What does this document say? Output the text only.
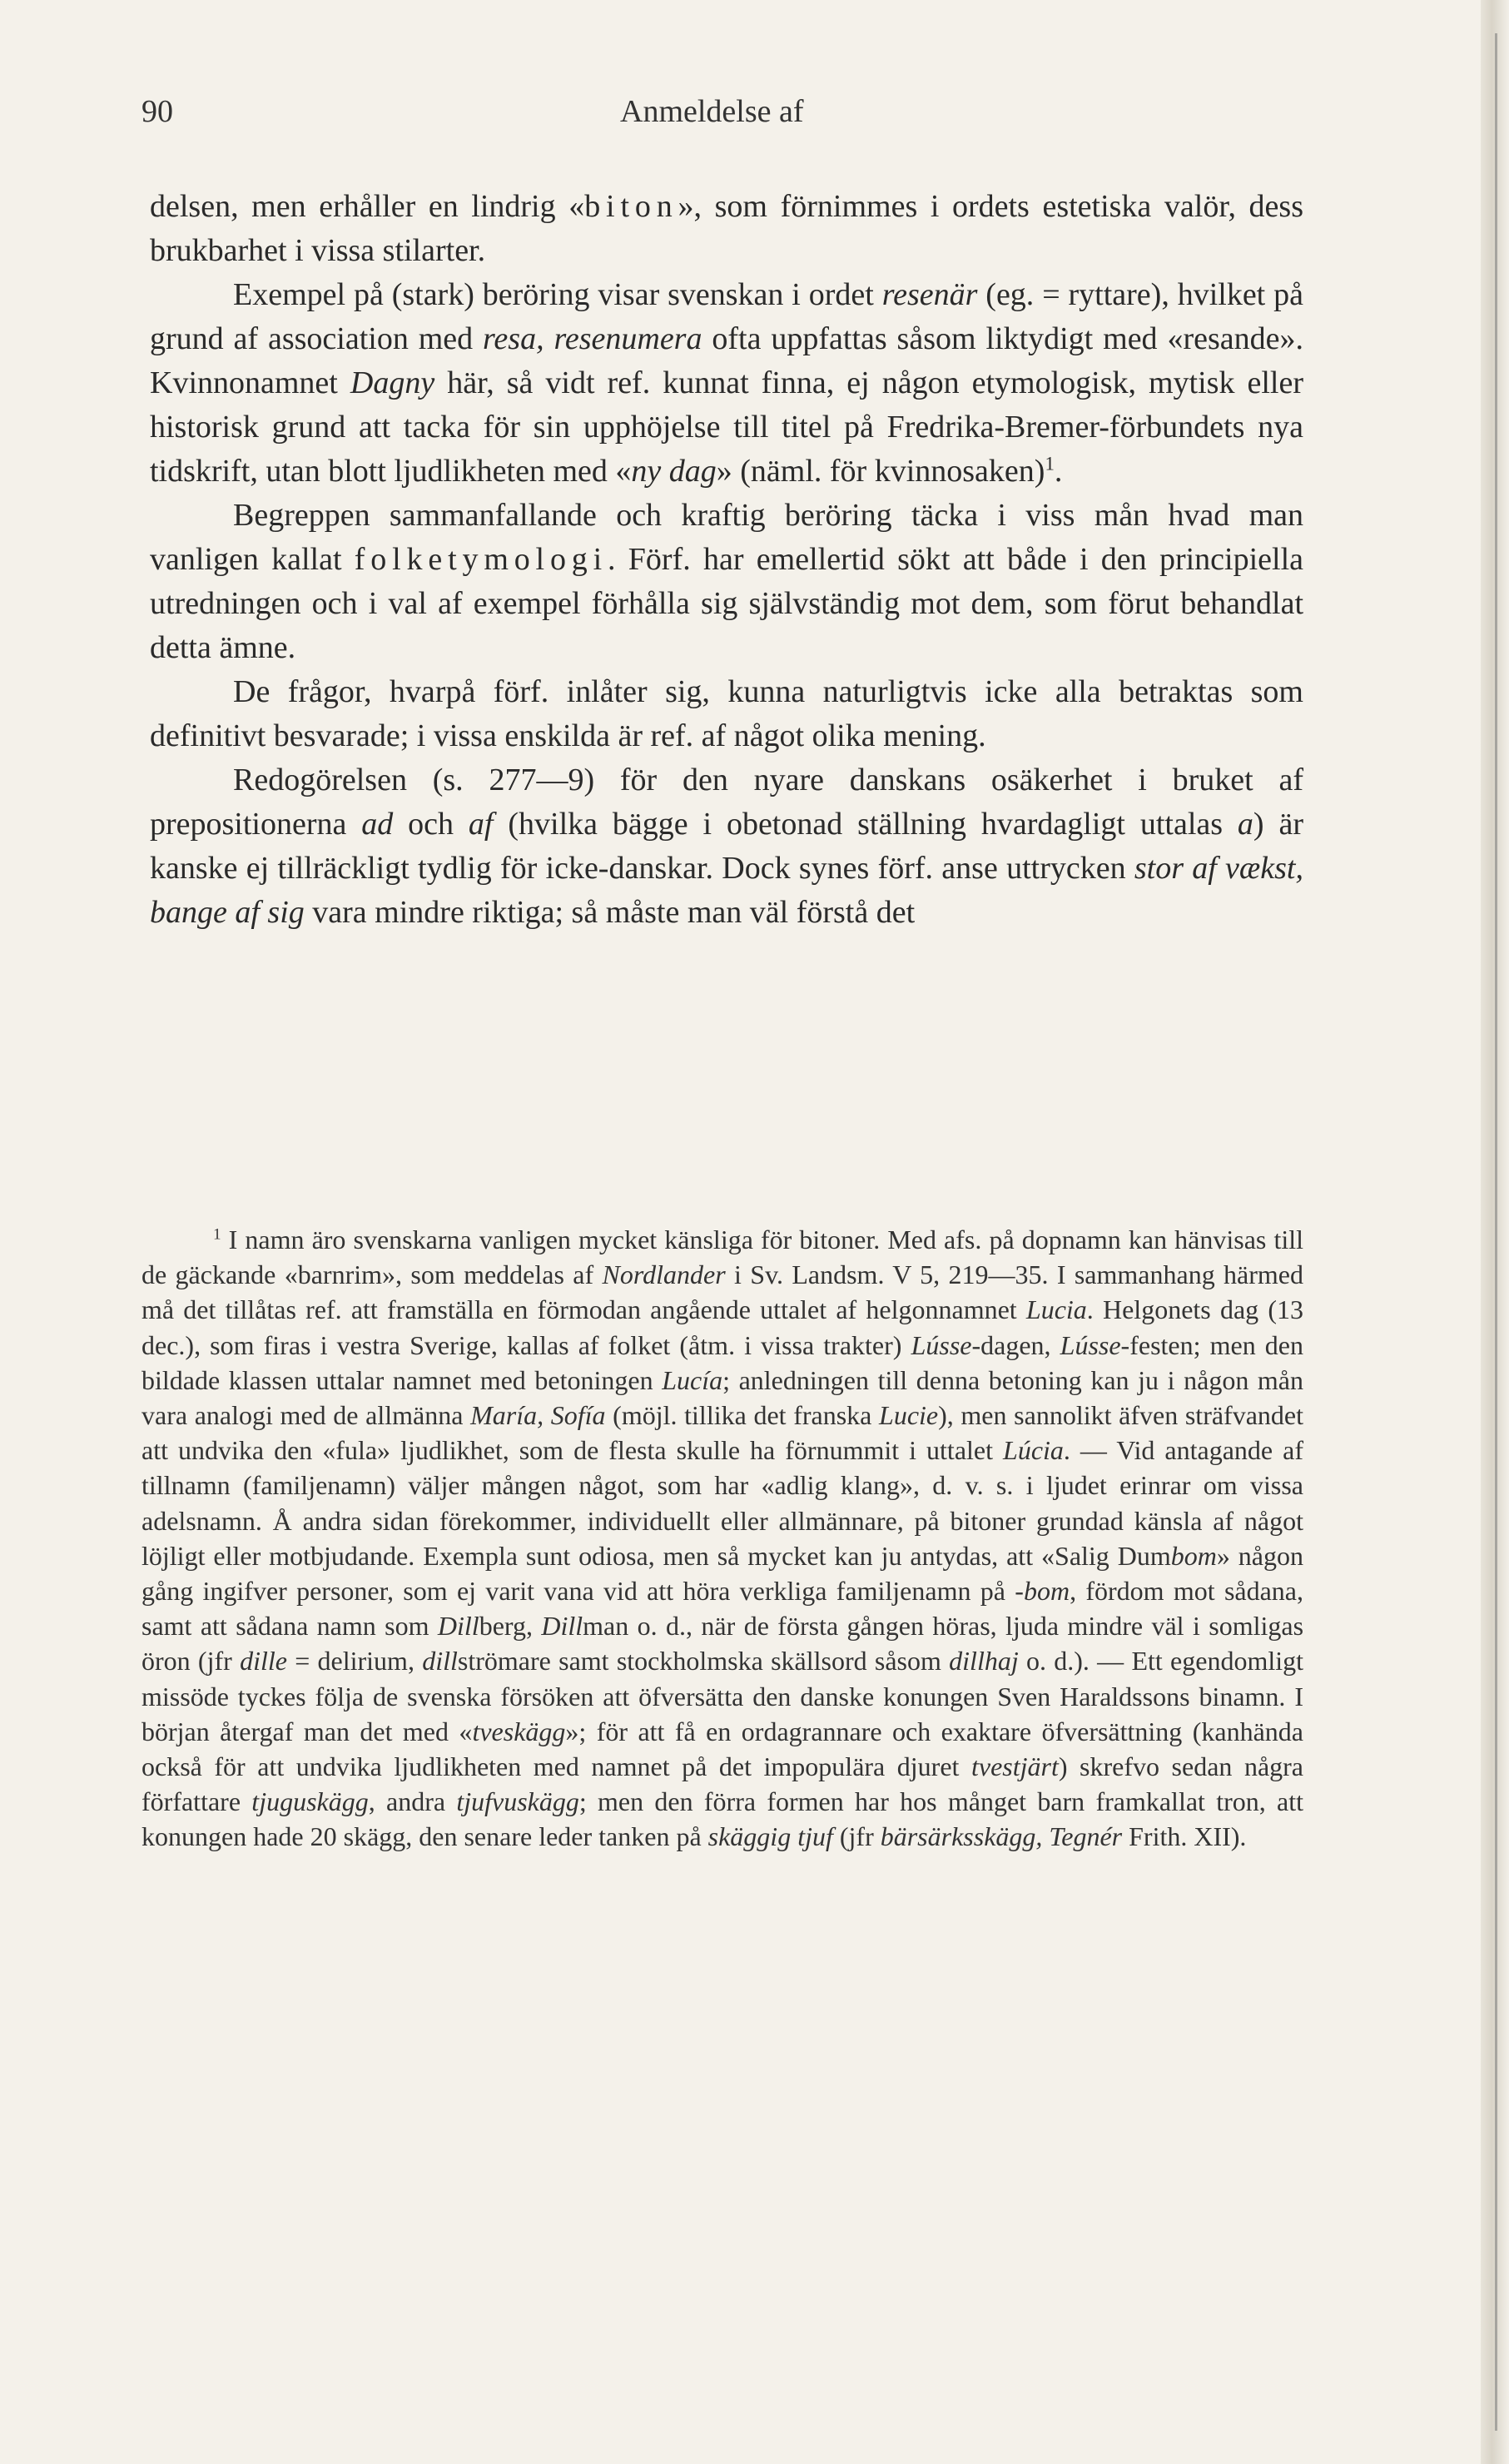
90	Anmeldelse af

delsen, men erhåller en lindrig «biton», som förnimmes i ordets estetiska valör, dess brukbarhet i vissa stilarter.

Exempel på (stark) beröring visar svenskan i ordet resenär (eg. = ryttare), hvilket på grund af association med resa, resenumera ofta uppfattas såsom liktydigt med «resande». Kvinnonamnet Dagny här, så vidt ref. kunnat finna, ej någon etymologisk, mytisk eller historisk grund att tacka för sin upphöjelse till titel på Fredrika-Bremer-förbundets nya tidskrift, utan blott ljudlikheten med «ny dag» (näml. för kvinnosaken)$^1$.

Begreppen sammanfallande och kraftig beröring täcka i viss mån hvad man vanligen kallat folketymologi. Förf. har emellertid sökt att både i den principiella utredningen och i val af exempel förhålla sig självständig mot dem, som förut behandlat detta ämne.

De frågor, hvarpå förf. inlåter sig, kunna naturligtvis icke alla betraktas som definitivt besvarade; i vissa enskilda är ref. af något olika mening.

Redogörelsen (s. 277—9) för den nyare danskans osäkerhet i bruket af prepositionerna ad och af (hvilka bägge i obetonad ställning hvardagligt uttalas a) är kanske ej tillräckligt tydlig för icke-danskar. Dock synes förf. anse uttrycken stor af vækst, bange af sig vara mindre riktiga; så måste man väl förstå det

$^1$ I namn äro svenskarna vanligen mycket känsliga för bitoner. Med afs. på dopnamn kan hänvisas till de gäckande «barnrim», som meddelas af Nordlander i Sv. Landsm. V 5, 219—35. I sammanhang härmed må det tillåtas ref. att framställa en förmodan angående uttalet af helgonnamnet Lucia. Helgonets dag (13 dec.), som firas i vestra Sverige, kallas af folket (åtm. i vissa trakter) Lússe-dagen, Lússe-festen; men den bildade klassen uttalar namnet med betoningen Lucía; anledningen till denna betoning kan ju i någon mån vara analogi med de allmänna María, Sofía (möjl. tillika det franska Lucie), men sannolikt äfven sträfvandet att undvika den «fula» ljudlikhet, som de flesta skulle ha förnummit i uttalet Lúcia. — Vid antagande af tillnamn (familjenamn) väljer mången något, som har «adlig klang», d. v. s. i ljudet erinrar om vissa adelsnamn. Å andra sidan förekommer, individuellt eller allmännare, på bitoner grundad känsla af något löjligt eller motbjudande. Exempla sunt odiosa, men så mycket kan ju antydas, att «Salig Dumbom» någon gång ingifver personer, som ej varit vana vid att höra verkliga familjenamn på -bom, fördom mot sådana, samt att sådana namn som Dillberg, Dillman o. d., när de första gången höras, ljuda mindre väl i somligas öron (jfr dille = delirium, dillströmare samt stockholmska skällsord såsom dillhaj o. d.). — Ett egendomligt missöde tyckes följa de svenska försöken att öfversätta den danske konungen Sven Haraldssons binamn. I början återgaf man det med «tveskägg»; för att få en ordagrannare och exaktare öfversättning (kanhända också för att undvika ljudlikheten med namnet på det impopulära djuret tvestjärt) skrefvo sedan några författare tjuguskägg, andra tjufvuskägg; men den förra formen har hos månget barn framkallat tron, att konungen hade 20 skägg, den senare leder tanken på skäggig tjuf (jfr bärsärksskägg, Tegnér Frith. XII).
